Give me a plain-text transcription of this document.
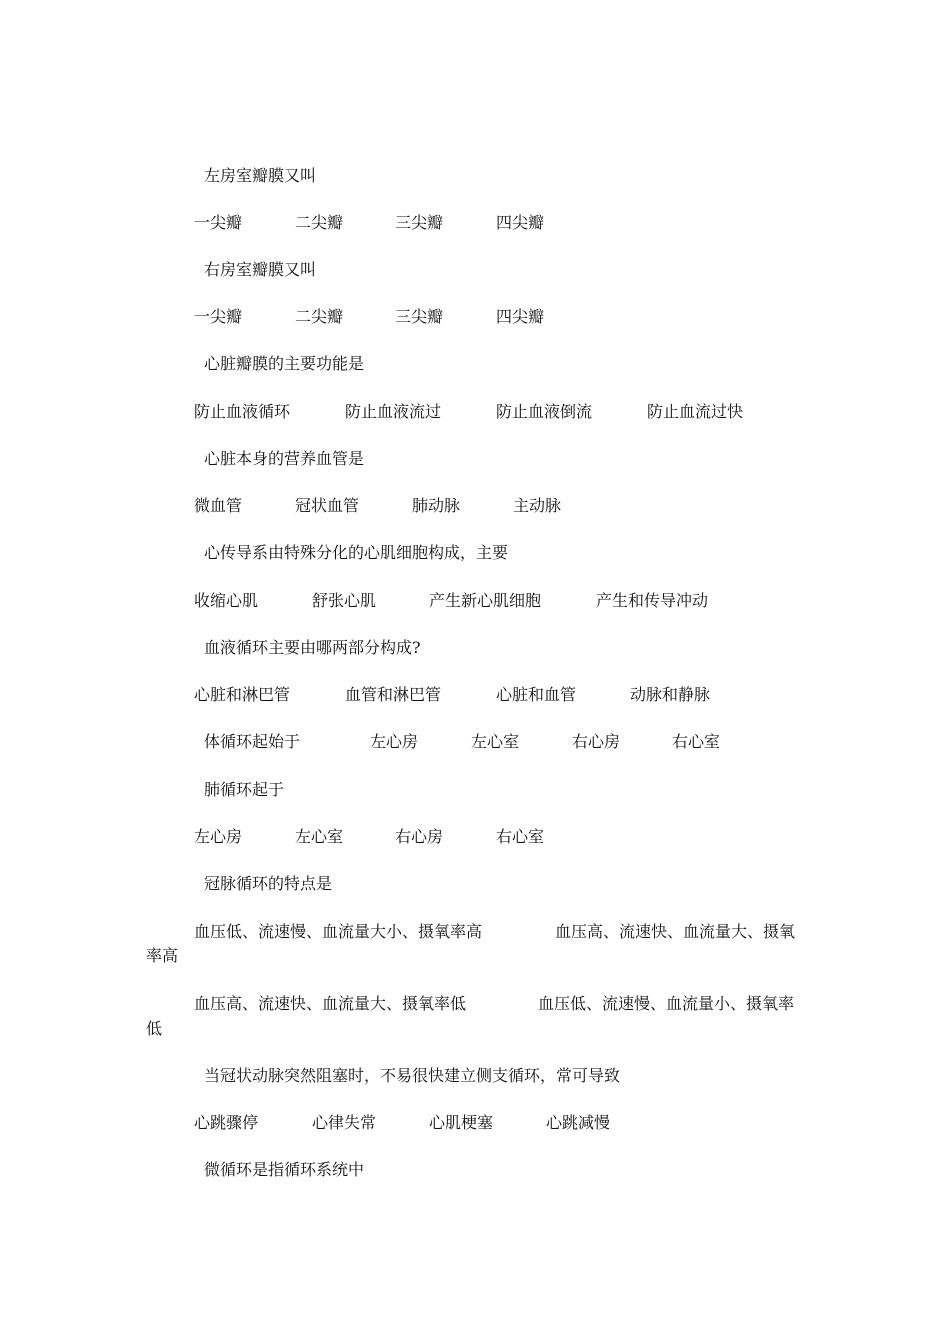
左房室瓣膜又叫
一尖瓣	二尖瓣	三尖瓣	四尖瓣
右房室瓣膜又叫
一尖瓣	二尖瓣	三尖瓣	四尖瓣
心脏瓣膜的主要功能是
防止血液循环	防止血液流过	防止血液倒流	防止血流过快
心脏本身的营养血管是
微血管	冠状血管	肺动脉	主动脉
心传导系由特殊分化的心肌细胞构成，主要
收缩心肌	舒张心肌	产生新心肌细胞	产生和传导冲动
血液循环主要由哪两部分构成?
心脏和淋巴管	血管和淋巴管	心脏和血管	动脉和静脉
体循环起始于	左心房	左心室	右心房	右心室
肺循环起于
左心房	左心室	右心房	右心室
冠脉循环的特点是
血压低、流速慢、血流量大小、摄氧率高	血压高、流速快、血流量大、摄氧
率高
血压高、流速快、血流量大、摄氧率低	血压低、流速慢、血流量小、摄氧率
低
当冠状动脉突然阻塞时，不易很快建立侧支循环，常可导致
心跳骤停	心律失常	心肌梗塞	心跳减慢
微循环是指循环系统中
